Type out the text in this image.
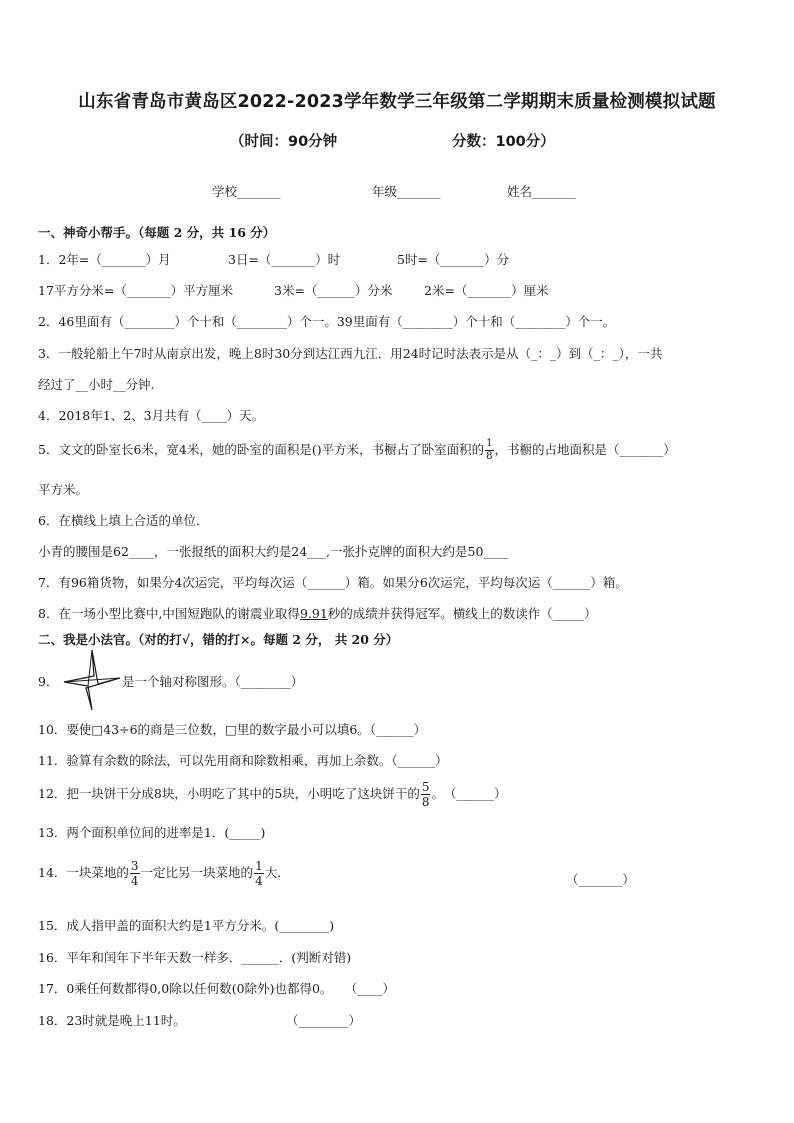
山东省青岛市黄岛区2022-2023学年数学三年级第二学期期末质量检测模拟试题
（时间：90分钟	分数：100分）
学校_______	年级_______	姓名_______
一、神奇小帮手。（每题 2 分，共 16 分）
1．2年=（_______）月	3日=（_______）时	5时=（_______）分
17平方分米=（_______）平方厘米	3米=（______）分米	2米=（_______）厘米
2．46里面有（________）个十和（________）个一。39里面有（________）个十和（________）个一。
3．一般轮船上午7时从南京出发，晚上8时30分到达江西九江．用24时记时法表示是从（_：_）到（_：_），一共
经过了__小时__分钟.
4．2018年1、2、3月共有（____）天。
5．文文的卧室长6米，宽4米，她的卧室的面积是()平方米，书橱占了卧室面积的 $\frac{1}{8}$ ，书橱的占地面积是（_______）
平方米。
6．在横线上填上合适的单位．
小青的腰围是62____，一张报纸的面积大约是24___,一张扑克牌的面积大约是50____
7．有96箱货物，如果分4次运完，平均每次运（______）箱。如果分6次运完，平均每次运（______）箱。
8．在一场小型比赛中,中国短跑队的谢震业取得9.91秒的成绩并获得冠军。横线上的数读作（_____）
二、我是小法官。（对的打√，错的打×。每题 2 分， 共 20 分）
9．	是一个轴对称图形。（________）
10．要使□43÷6的商是三位数，□里的数字最小可以填6。（______）
11．验算有余数的除法，可以先用商和除数相乘，再加上余数。（______）
12．把一块饼干分成8块，小明吃了其中的5块，小明吃了这块饼干的 $\frac{5}{8}$ 。　（______）
13．两个面积单位间的进率是1．(_____)
14．一块菜地的 $\frac{3}{4}$ 一定比另一块菜地的 $\frac{1}{4}$ 大．	（_______）
15．成人指甲盖的面积大约是1平方分米。(________)
16．平年和闰年下半年天数一样多．______．(判断对错)
17．0乘任何数都得0,0除以任何数(0除外)也都得0。　　（____）
18．23时就是晚上11时。	（________）
